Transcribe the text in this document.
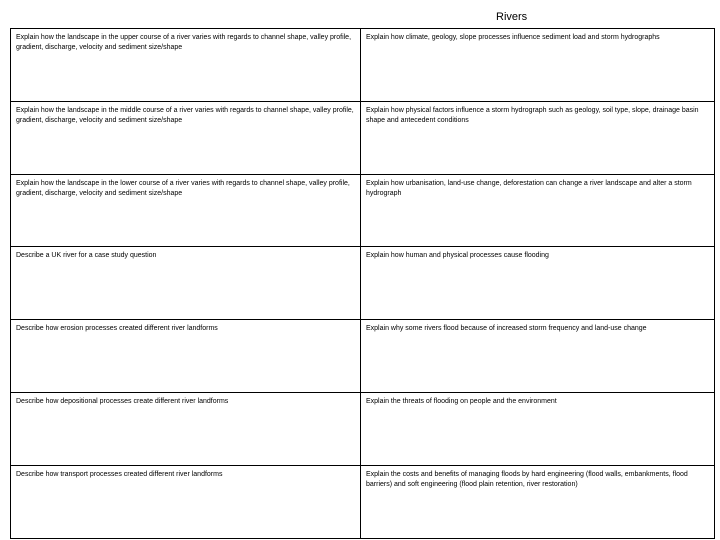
Rivers
Explain how the landscape in the upper course of a river varies with regards to channel shape, valley profile, gradient, discharge, velocity and sediment size/shape	Explain how climate, geology, slope processes influence sediment load and storm hydrographs
Explain how the landscape in the middle course of a river varies with regards to channel shape, valley profile, gradient, discharge, velocity and sediment size/shape	Explain how physical factors influence a storm hydrograph such as geology, soil type, slope, drainage basin shape and antecedent conditions
Explain how the landscape in the lower course of a river varies with regards to channel shape, valley profile, gradient, discharge, velocity and sediment size/shape	Explain how urbanisation, land-use change, deforestation can change a river landscape and alter a storm hydrograph
Describe a UK river for a case study question	Explain how human and physical processes cause flooding
Describe how erosion processes created different river landforms	Explain why some rivers flood because of increased storm frequency and land-use change
Describe how depositional processes create different river landforms	Explain the threats of flooding on people and the environment
Describe how transport processes created different river landforms	Explain the costs and benefits of managing floods by hard engineering (flood walls, embankments, flood barriers) and soft engineering (flood plain retention, river restoration)
